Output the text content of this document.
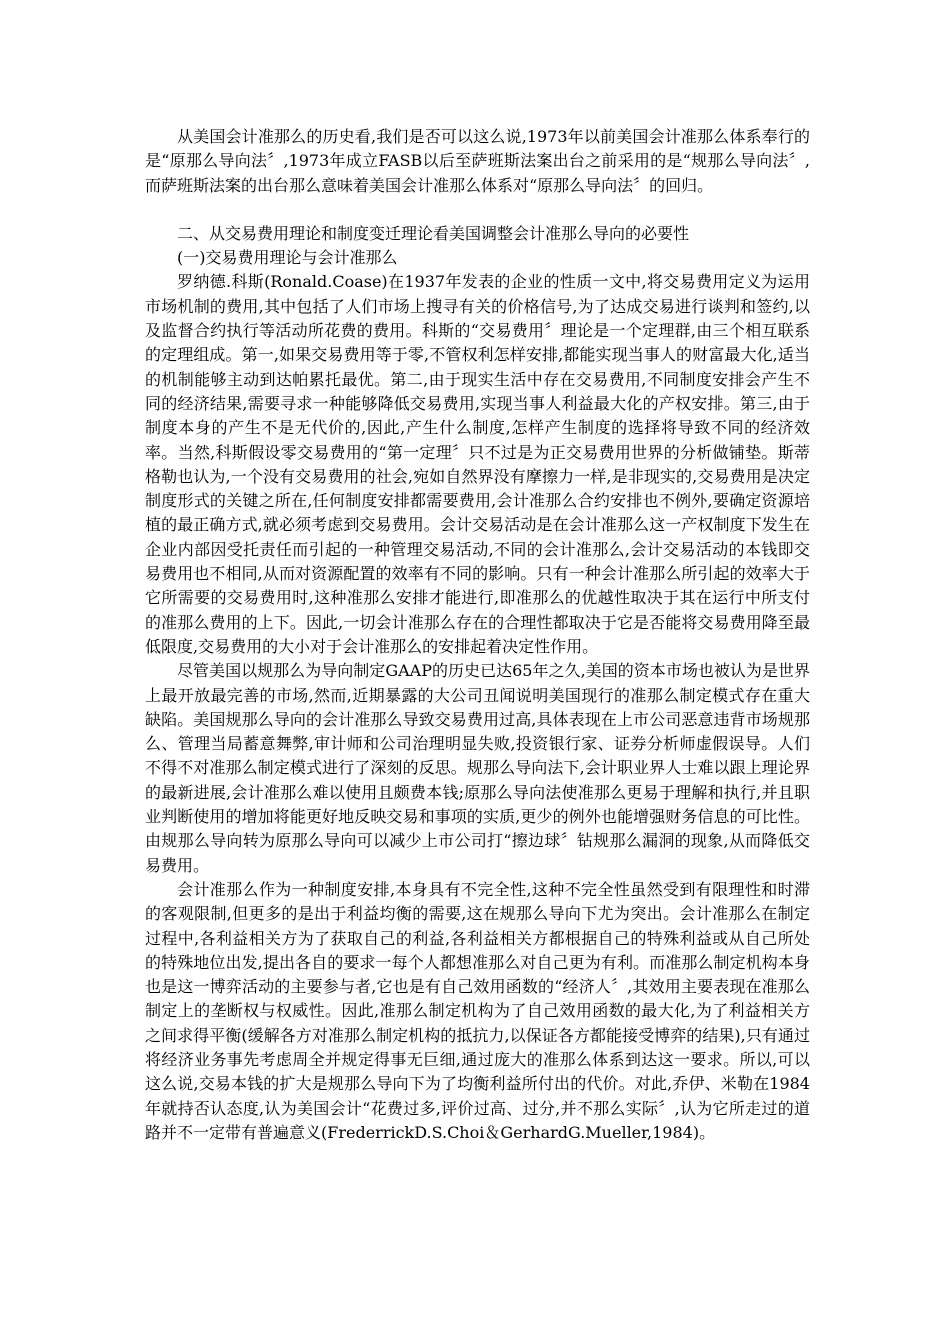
从美国会计准那么的历史看,我们是否可以这么说,1973年以前美国会计准那么体系奉行的是“原那么导向法〞,1973年成立FASB以后至萨班斯法案出台之前采用的是“规那么导向法〞,而萨班斯法案的出台那么意味着美国会计准那么体系对“原那么导向法〞的回归。

二、从交易费用理论和制度变迁理论看美国调整会计准那么导向的必要性

(一)交易费用理论与会计准那么

罗纳德.科斯(Ronald.Coase)在1937年发表的企业的性质一文中,将交易费用定义为运用市场机制的费用,其中包括了人们市场上搜寻有关的价格信号,为了达成交易进行谈判和签约,以及监督合约执行等活动所花费的费用。科斯的“交易费用〞理论是一个定理群,由三个相互联系的定理组成。第一,如果交易费用等于零,不管权利怎样安排,都能实现当事人的财富最大化,适当的机制能够主动到达帕累托最优。第二,由于现实生活中存在交易费用,不同制度安排会产生不同的经济结果,需要寻求一种能够降低交易费用,实现当事人利益最大化的产权安排。第三,由于制度本身的产生不是无代价的,因此,产生什么制度,怎样产生制度的选择将导致不同的经济效率。当然,科斯假设零交易费用的“第一定理〞只不过是为正交易费用世界的分析做铺垫。斯蒂格勒也认为,一个没有交易费用的社会,宛如自然界没有摩擦力一样,是非现实的,交易费用是决定制度形式的关键之所在,任何制度安排都需要费用,会计准那么合约安排也不例外,要确定资源培植的最正确方式,就必须考虑到交易费用。会计交易活动是在会计准那么这一产权制度下发生在企业内部因受托责任而引起的一种管理交易活动,不同的会计准那么,会计交易活动的本钱即交易费用也不相同,从而对资源配置的效率有不同的影响。只有一种会计准那么所引起的效率大于它所需要的交易费用时,这种准那么安排才能进行,即准那么的优越性取决于其在运行中所支付的准那么费用的上下。因此,一切会计准那么存在的合理性都取决于它是否能将交易费用降至最低限度,交易费用的大小对于会计准那么的安排起着决定性作用。

尽管美国以规那么为导向制定GAAP的历史已达65年之久,美国的资本市场也被认为是世界上最开放最完善的市场,然而,近期暴露的大公司丑闻说明美国现行的准那么制定模式存在重大缺陷。美国规那么导向的会计准那么导致交易费用过高,具体表现在上市公司恶意违背市场规那么、管理当局蓄意舞弊,审计师和公司治理明显失败,投资银行家、证券分析师虚假误导。人们不得不对准那么制定模式进行了深刻的反思。规那么导向法下,会计职业界人士难以跟上理论界的最新进展,会计准那么难以使用且颇费本钱;原那么导向法使准那么更易于理解和执行,并且职业判断使用的增加将能更好地反映交易和事项的实质,更少的例外也能增强财务信息的可比性。由规那么导向转为原那么导向可以减少上市公司打“擦边球〞钻规那么漏洞的现象,从而降低交易费用。

会计准那么作为一种制度安排,本身具有不完全性,这种不完全性虽然受到有限理性和时滞的客观限制,但更多的是出于利益均衡的需要,这在规那么导向下尤为突出。会计准那么在制定过程中,各利益相关方为了获取自己的利益,各利益相关方都根据自己的特殊利益或从自己所处的特殊地位出发,提出各自的要求一每个人都想准那么对自己更为有利。而准那么制定机构本身也是这一博弈活动的主要参与者,它也是有自己效用函数的“经济人〞,其效用主要表现在准那么制定上的垄断权与权威性。因此,准那么制定机构为了自己效用函数的最大化,为了利益相关方之间求得平衡(缓解各方对准那么制定机构的抵抗力,以保证各方都能接受博弈的结果),只有通过将经济业务事先考虑周全并规定得事无巨细,通过庞大的准那么体系到达这一要求。所以,可以这么说,交易本钱的扩大是规那么导向下为了均衡利益所付出的代价。对此,乔伊、米勒在1984年就持否认态度,认为美国会计“花费过多,评价过高、过分,并不那么实际〞,认为它所走过的道路并不一定带有普遍意义(FrederrickD.S.Choi＆GerhardG.Mueller,1984)。
